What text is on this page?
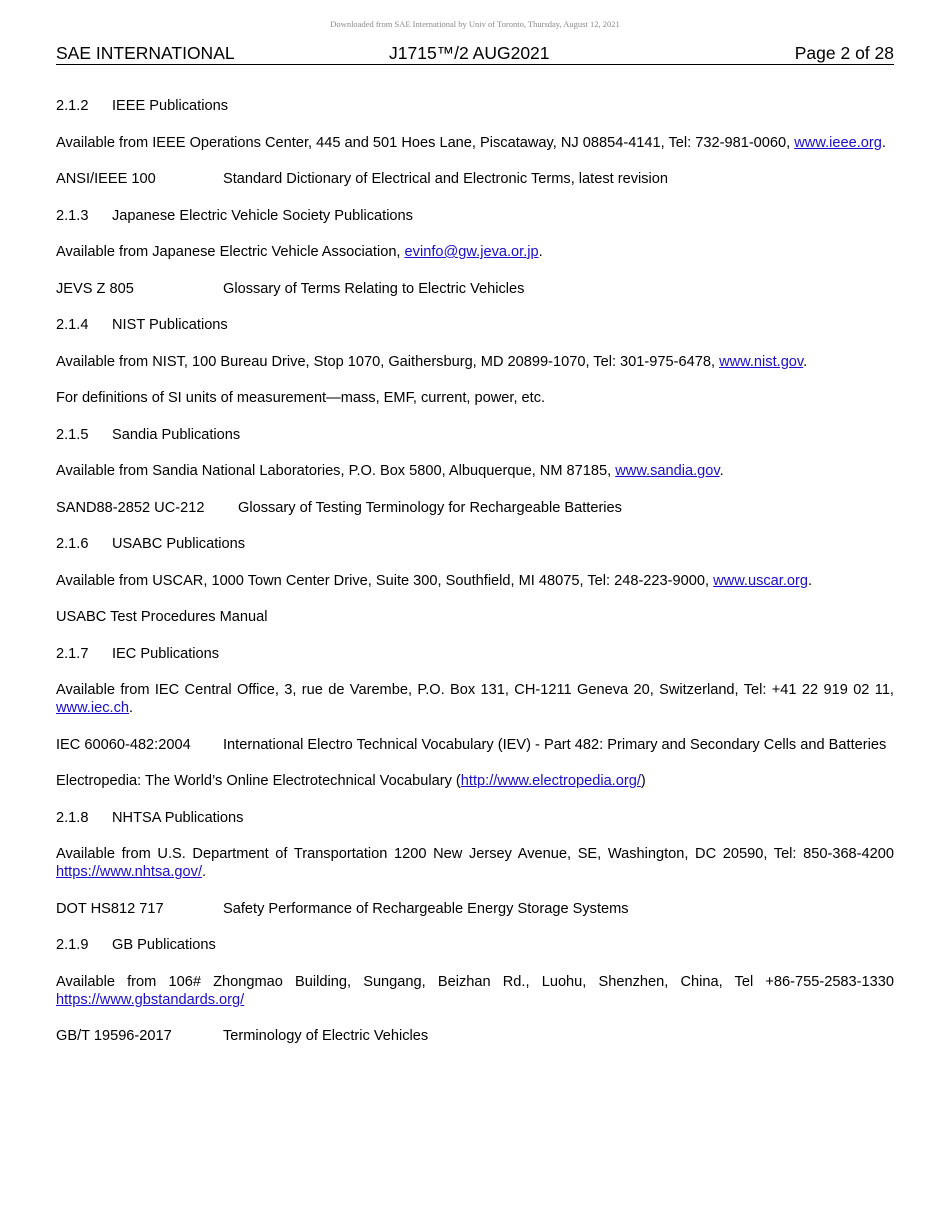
Downloaded from SAE International by Univ of Toronto, Thursday, August 12, 2021
SAE INTERNATIONAL	J1715™/2 AUG2021	Page 2 of 28
2.1.2 IEEE Publications

Available from IEEE Operations Center, 445 and 501 Hoes Lane, Piscataway, NJ 08854-4141, Tel: 732-981-0060, www.ieee.org.

ANSI/IEEE 100	Standard Dictionary of Electrical and Electronic Terms, latest revision
2.1.3 Japanese Electric Vehicle Society Publications

Available from Japanese Electric Vehicle Association, evinfo@gw.jeva.or.jp.

JEVS Z 805	Glossary of Terms Relating to Electric Vehicles
2.1.4 NIST Publications

Available from NIST, 100 Bureau Drive, Stop 1070, Gaithersburg, MD 20899-1070, Tel: 301-975-6478, www.nist.gov.

For definitions of SI units of measurement—mass, EMF, current, power, etc.

2.1.5 Sandia Publications

Available from Sandia National Laboratories, P.O. Box 5800, Albuquerque, NM 87185, www.sandia.gov.

SAND88-2852 UC-212	Glossary of Testing Terminology for Rechargeable Batteries
2.1.6 USABC Publications

Available from USCAR, 1000 Town Center Drive, Suite 300, Southfield, MI 48075, Tel: 248-223-9000, www.uscar.org.

USABC Test Procedures Manual

2.1.7 IEC Publications

Available from IEC Central Office, 3, rue de Varembe, P.O. Box 131, CH-1211 Geneva 20, Switzerland, Tel: +41 22 919 02 11, www.iec.ch.

IEC 60060-482:2004	International Electro Technical Vocabulary (IEV) - Part 482: Primary and Secondary Cells and Batteries

Electropedia: The World’s Online Electrotechnical Vocabulary (http://www.electropedia.org/)

2.1.8 NHTSA Publications

Available from U.S. Department of Transportation 1200 New Jersey Avenue, SE, Washington, DC 20590, Tel: 850-368-4200 https://www.nhtsa.gov/.

DOT HS812 717	Safety Performance of Rechargeable Energy Storage Systems
2.1.9 GB Publications

Available from 106# Zhongmao Building, Sungang, Beizhan Rd., Luohu, Shenzhen, China, Tel +86-755-2583-1330 https://www.gbstandards.org/

GB/T 19596-2017	Terminology of Electric Vehicles
